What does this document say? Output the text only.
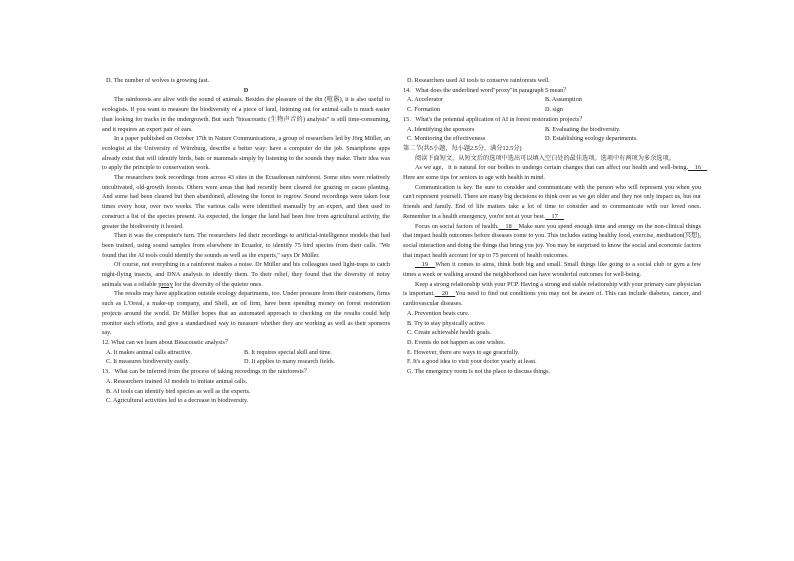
D. The number of wolves is growing fast.

D

The rainforests are alive with the sound of animals. Besides the pleasure of the din (喧嚣), it is also useful to ecologists. If you want to measure the biodiversity of a piece of land, listening out for animal calls is much easier than looking for tracks in the undergrowth. But such "bioacoustic (生物声音的) analysis" is still time-consuming, and it requires an expert pair of ears.

In a paper published on October 17th in Nature Communications, a group of researchers led by Jörg Müller, an ecologist at the University of Würzburg, describe a better way: have a computer do the job. Smartphone apps already exist that will identify birds, bats or mammals simply by listening to the sounds they make. Their idea was to apply the principle to conservation work.

The researchers took recordings from across 43 sites in the Ecuadorean rainforest. Some sites were relatively uncultivated, old-growth forests. Others were areas that had recently been cleared for grazing or cacao planting. And some had been cleared but then abandoned, allowing the forest to regrow. Sound recordings were taken four times every hour, over two weeks. The various calls were identified manually by an expert, and then used to construct a list of the species present. As expected, the longer the land had been free from agricultural activity, the greater the biodiversity it hosted.

Then it was the computer's turn. The researchers fed their recordings to artificial-intelligence models that had been trained, using sound samples from elsewhere in Ecuador, to identify 75 bird species from their calls. "We found that the AI tools could identify the sounds as well as the experts," says Dr Müller.

Of course, not everything in a rainforest makes a noise. Dr Müller and his colleagues used light-traps to catch night-flying insects, and DNA analysis to identify them. To their relief, they found that the diversity of noisy animals was a reliable proxy for the diversity of the quieter ones.

The results may have application outside ecology departments, too. Under pressure from their customers, firms such as L'Oreal, a make-up company, and Shell, an oil firm, have been spending money on forest restoration projects around the world. Dr Müller hopes that an automated approach to checking on the results could help monitor such efforts, and give a standardised way to measure whether they are working as well as their sponsors say.

12. What can we learn about Bioacoustic analysis？

A. It makes animal calls attractive.	B. It requires special skill and time.
C. It measures biodiversity easily.	D. It applies to many research fields.

13．What can be inferred from the process of taking recordings in the rainforests？

A. Researchers trained AI models to imitate animal calls.

B. AI tools can identify bird species as well as the experts.

C. Agricultural activities led to a decrease in biodiversity.

D. Researchers used AI tools to conserve rainforests well.

14．What does the underlined word"proxy"in paragraph 5 mean？

A. Accelerator	B. Assumption
C. Formation	D. sign

15．What's the potential application of AI in forest restoration projects？

A. Identifying the sponsors	B. Evaluating the biodiversity.
C. Monitoring the effectiveness	D. Establishing ecology departments.

第二节(共5小题，每小题2.5分，满分12.5分)

阅读下面短文，从短文后的选项中选出可以填入空白处的最佳选项。选项中有两项为多余选项。

As we age，it is natural for our bodies to undergo certain changes that can affect our health and well-being.　16　Here are some tips for seniors to age with health in mind.

Communication is key. Be sure to consider and communicate with the person who will represent you when you can't represent yourself. There are many big decisions to think over as we get older and they not only impact us, but our friends and family. End of life matters take a lot of time to consider and to communicate with our loved ones. Remember in a health emergency, you're not at your best.　17　

Focus on social factors of health.　18　Make sure you spend enough time and energy on the non-clinical things that impact health outcomes before diseases come to you. This includes eating healthy food, exercise, meditation(冥想), social interaction and doing the things that bring you joy. You may be surprised to know the social and economic factors that impact health account for up to 75 percent of health outcomes.

　19　When it comes to aims, think both big and small. Small things like going to a social club or gym a few times a week or walking around the neighborhood can have wonderful outcomes for well-being.

Keep a strong relationship with your PCP. Having a strong and stable relationship with your primary care physician is important.　20　You need to find out conditions you may not be aware of. This can include diabetes, cancer, and cardiovascular diseases.

A. Prevention beats cure.

B. Try to stay physically active.

C. Create achievable health goals.

D. Events do not happen as one wishes.

E. However, there are ways to age gracefully.

F. It's a good idea to visit your doctor yearly at least.

G. The emergency room is not the place to discuss things.
